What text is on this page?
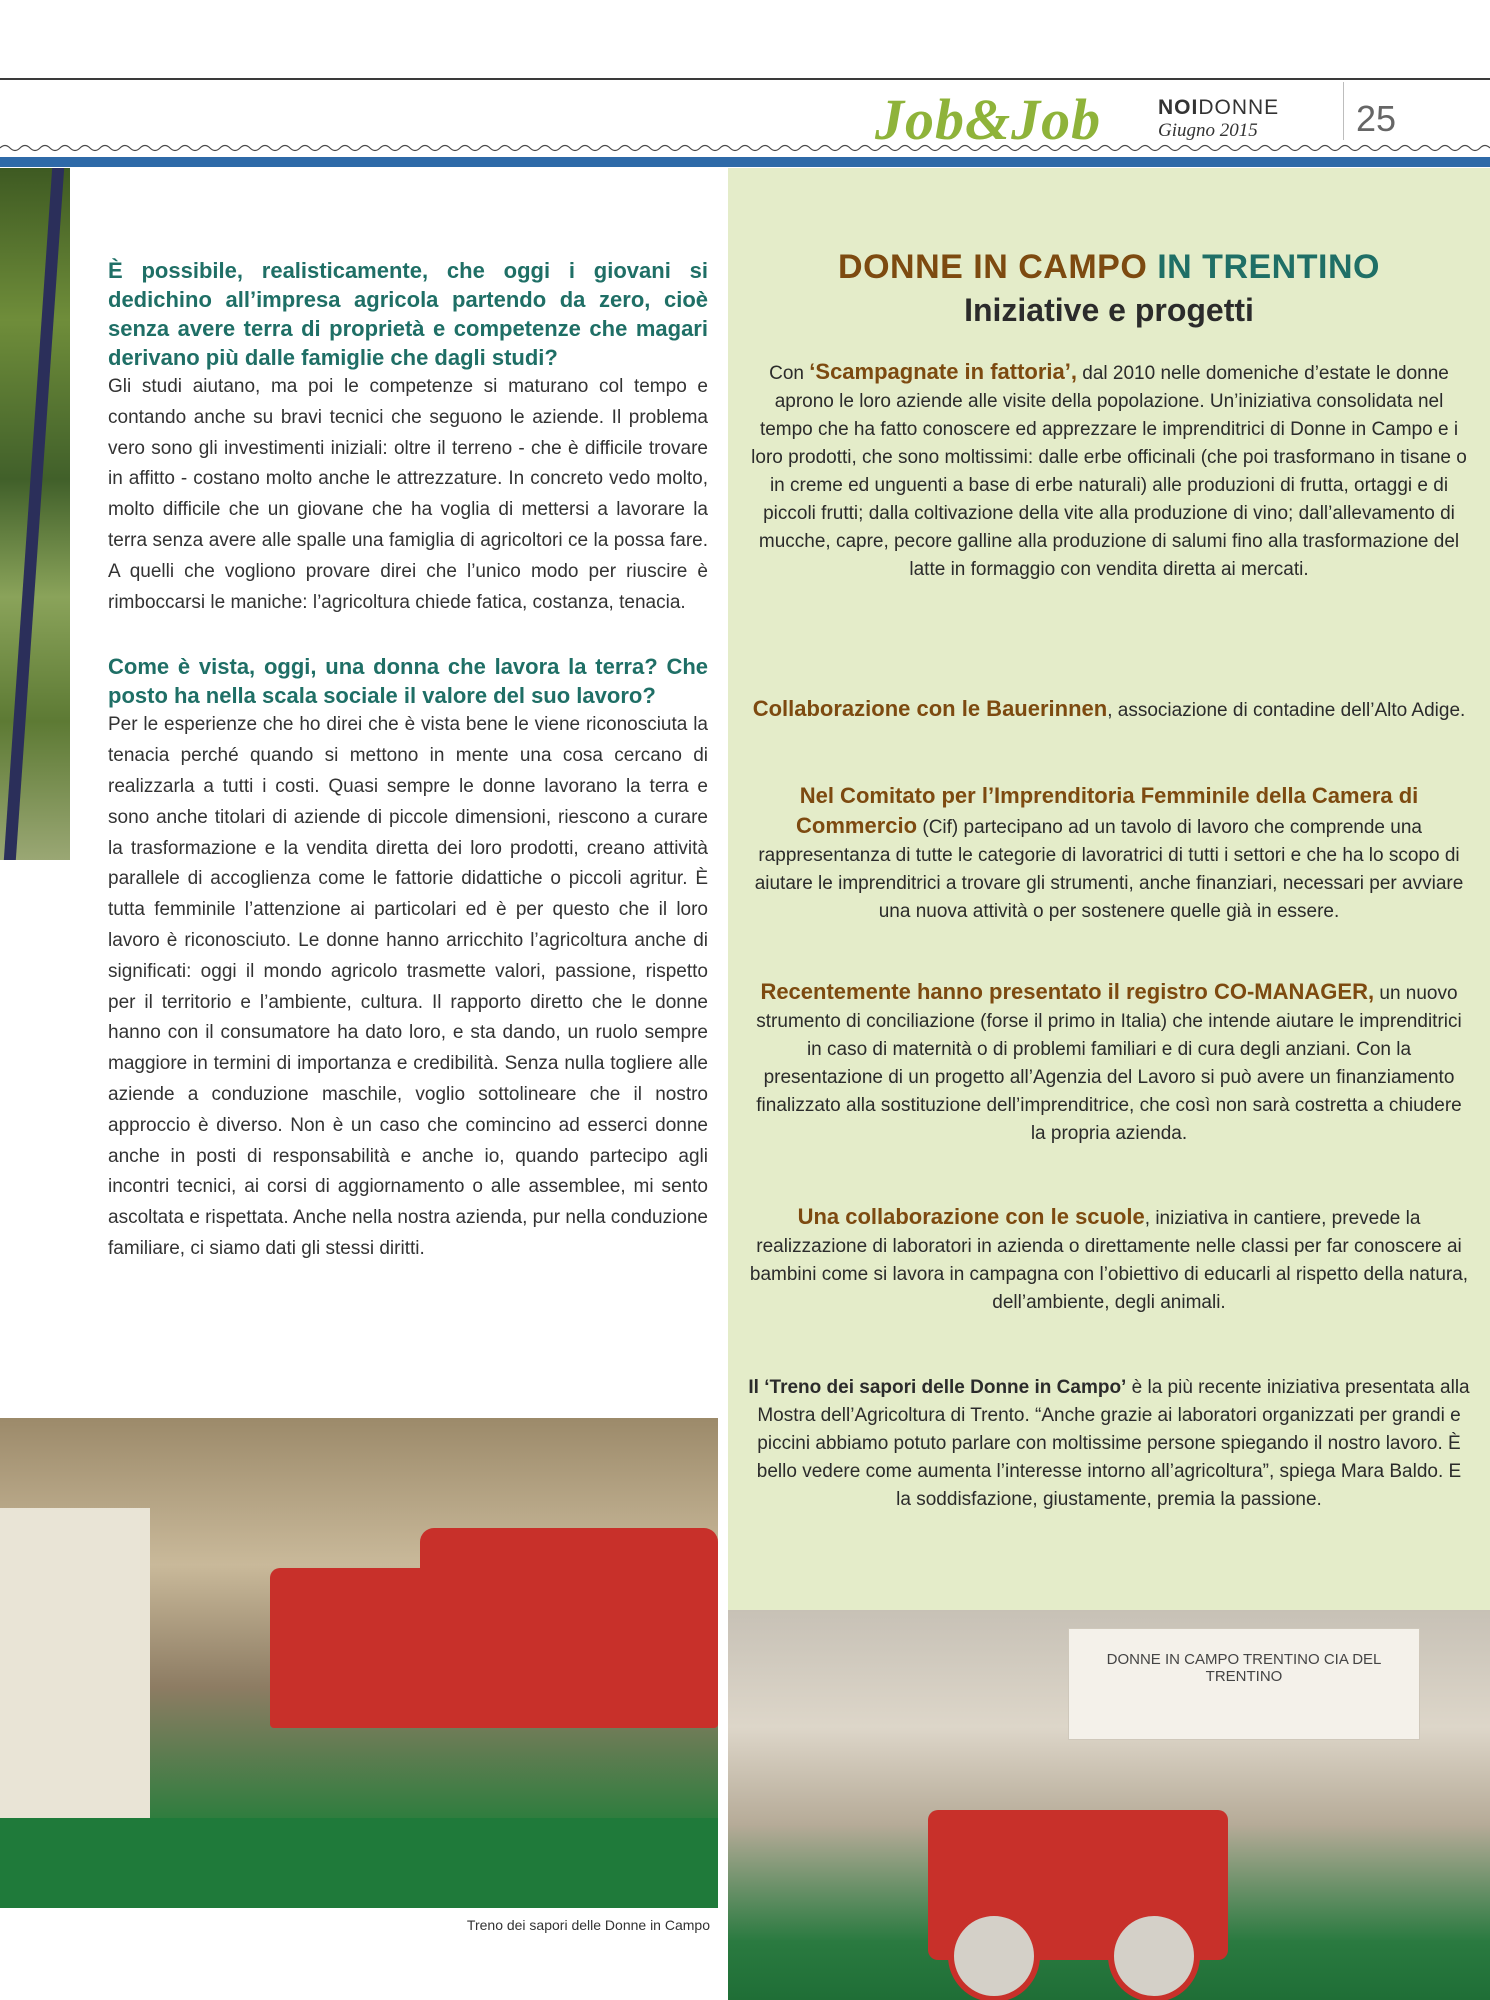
Job&Job	NOIDONNE
Giugno 2015	25

È possibile, realisticamente, che oggi i giovani si dedichino all’impresa agricola partendo da zero, cioè senza avere terra di proprietà e competenze che magari derivano più dalle famiglie che dagli studi?

Gli studi aiutano, ma poi le competenze si maturano col tempo e contando anche su bravi tecnici che seguono le aziende. Il problema vero sono gli investimenti iniziali: oltre il terreno - che è difficile trovare in affitto - costano molto anche le attrezzature. In concreto vedo molto, molto difficile che un giovane che ha voglia di mettersi a lavorare la terra senza avere alle spalle una famiglia di agricoltori ce la possa fare. A quelli che vogliono provare direi che l’unico modo per riuscire è rimboccarsi le maniche: l’agricoltura chiede fatica, costanza, tenacia.

Come è vista, oggi, una donna che lavora la terra? Che posto ha nella scala sociale il valore del suo lavoro?

Per le esperienze che ho direi che è vista bene le viene riconosciuta la tenacia perché quando si mettono in mente una cosa cercano di realizzarla a tutti i costi. Quasi sempre le donne lavorano la terra e sono anche titolari di aziende di piccole dimensioni, riescono a curare la trasformazione e la vendita diretta dei loro prodotti, creano attività parallele di accoglienza come le fattorie didattiche o piccoli agritur. È tutta femminile l’attenzione ai particolari ed è per questo che il loro lavoro è riconosciuto. Le donne hanno arricchito l’agricoltura anche di significati: oggi il mondo agricolo trasmette valori, passione, rispetto per il territorio e l’ambiente, cultura. Il rapporto diretto che le donne hanno con il consumatore ha dato loro, e sta dando, un ruolo sempre maggiore in termini di importanza e credibilità. Senza nulla togliere alle aziende a conduzione maschile, voglio sottolineare che il nostro approccio è diverso. Non è un caso che comincino ad esserci donne anche in posti di responsabilità e anche io, quando partecipo agli incontri tecnici, ai corsi di aggiornamento o alle assemblee, mi sento ascoltata e rispettata. Anche nella nostra azienda, pur nella conduzione familiare, ci siamo dati gli stessi diritti.

DONNE IN CAMPO IN TRENTINO

Iniziative e progetti

Con ‘Scampagnate in fattoria’, dal 2010 nelle domeniche d’estate le donne aprono le loro aziende alle visite della popolazione. Un’iniziativa consolidata nel tempo che ha fatto conoscere ed apprezzare le imprenditrici di Donne in Campo e i loro prodotti, che sono moltissimi: dalle erbe officinali (che poi trasformano in tisane o in creme ed unguenti a base di erbe naturali) alle produzioni di frutta, ortaggi e di piccoli frutti; dalla coltivazione della vite alla produzione di vino; dall’allevamento di mucche, capre, pecore galline alla produzione di salumi fino alla trasformazione del latte in formaggio con vendita diretta ai mercati.

Collaborazione con le Bauerinnen, associazione di contadine dell’Alto Adige.

Nel Comitato per l’Imprenditoria Femminile della Camera di Commercio (Cif) partecipano ad un tavolo di lavoro che comprende una rappresentanza di tutte le categorie di lavoratrici di tutti i settori e che ha lo scopo di aiutare le imprenditrici a trovare gli strumenti, anche finanziari, necessari per avviare una nuova attività o per sostenere quelle già in essere.

Recentemente hanno presentato il registro CO-MANAGER, un nuovo strumento di conciliazione (forse il primo in Italia) che intende aiutare le imprenditrici in caso di maternità o di problemi familiari e di cura degli anziani. Con la presentazione di un progetto all’Agenzia del Lavoro si può avere un finanziamento finalizzato alla sostituzione dell’imprenditrice, che così non sarà costretta a chiudere la propria azienda.

Una collaborazione con le scuole, iniziativa in cantiere, prevede la realizzazione di laboratori in azienda o direttamente nelle classi per far conoscere ai bambini come si lavora in campagna con l’obiettivo di educarli al rispetto della natura, dell’ambiente, degli animali.

Il ‘Treno dei sapori delle Donne in Campo’ è la più recente iniziativa presentata alla Mostra dell’Agricoltura di Trento. “Anche grazie ai laboratori organizzati per grandi e piccini abbiamo potuto parlare con moltissime persone spiegando il nostro lavoro. È bello vedere come aumenta l’interesse intorno all’agricoltura”, spiega Mara Baldo. E la soddisfazione, giustamente, premia la passione.

Treno dei sapori delle Donne in Campo
DONNE IN CAMPO TRENTINO CIA DEL TRENTINO
